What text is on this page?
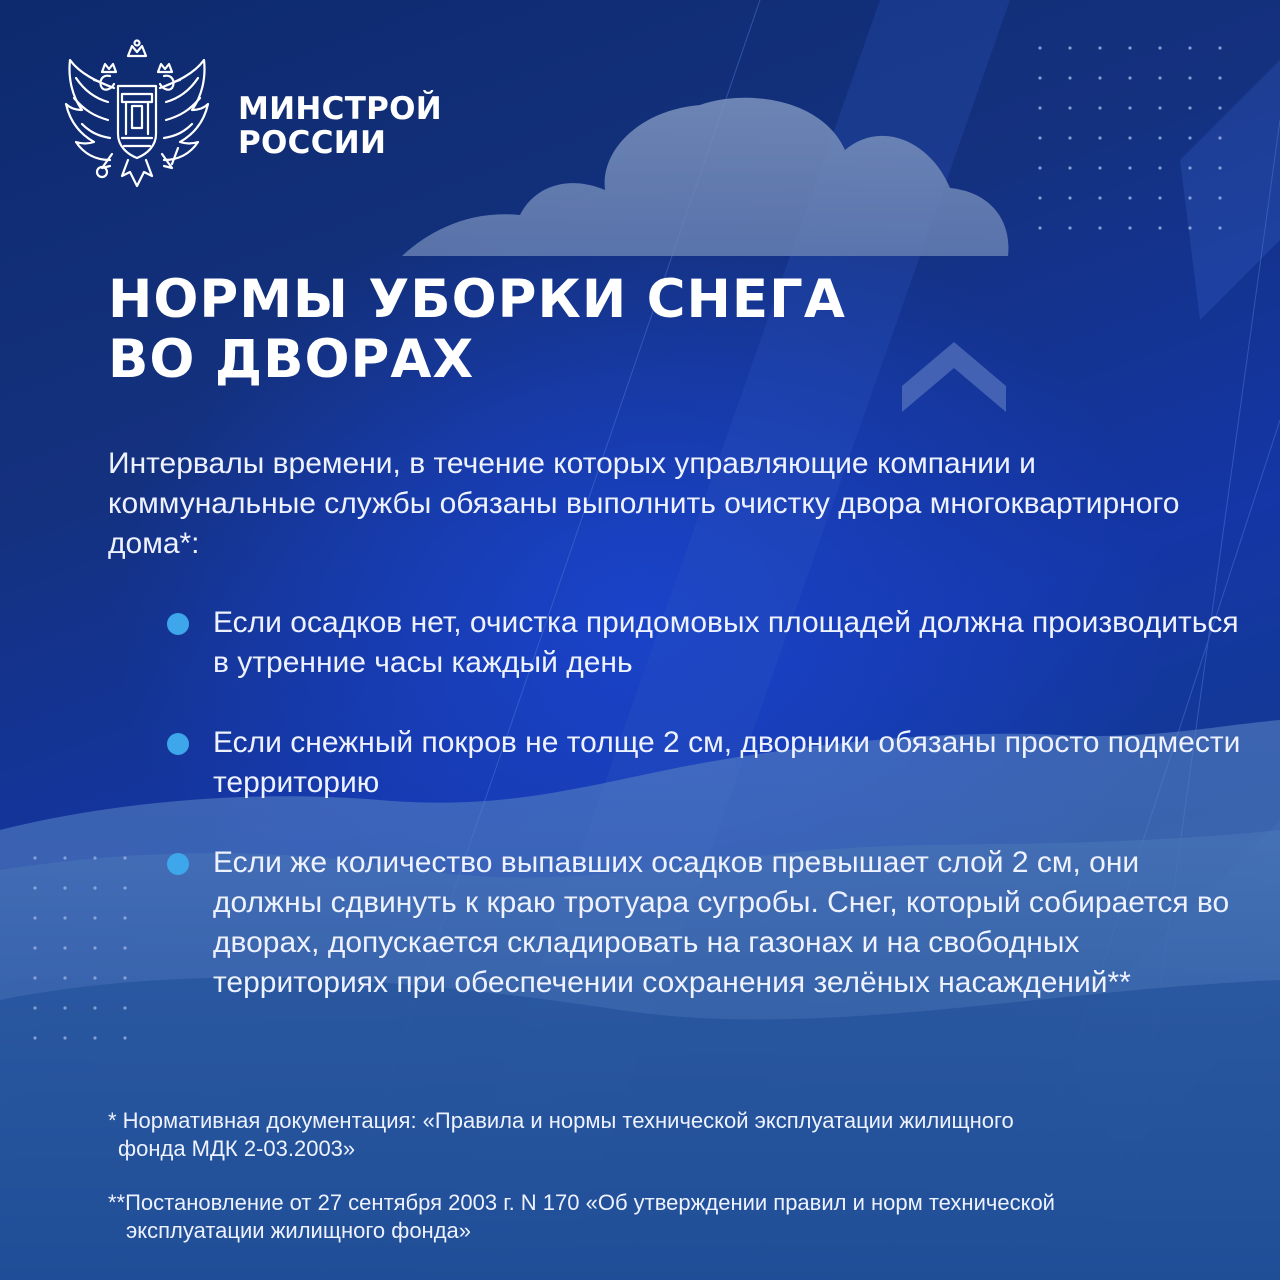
МИНСТРОЙ
РОССИИ
НОРМЫ УБОРКИ СНЕГА
ВО ДВОРАХ

Интервалы времени, в течение которых управляющие компании и коммунальные службы обязаны выполнить очистку двора многоквартирного дома*:

Если осадков нет, очистка придомовых площадей должна производиться в утренние часы каждый день
Если снежный покров не толще 2 см, дворники обязаны просто подмести территорию
Если же количество выпавших осадков превышает слой 2 см, они должны сдвинуть к краю тротуара сугробы. Снег, который собирается во дворах, допускается складировать на газонах и на свободных территориях при обеспечении сохранения зелёных насаждений**

* Нормативная документация: «Правила и нормы технической эксплуатации жилищного
фонда МДК 2-03.2003»

**Постановление от 27 сентября 2003 г. N 170 «Об утверждении правил и норм технической
эксплуатации жилищного фонда»
